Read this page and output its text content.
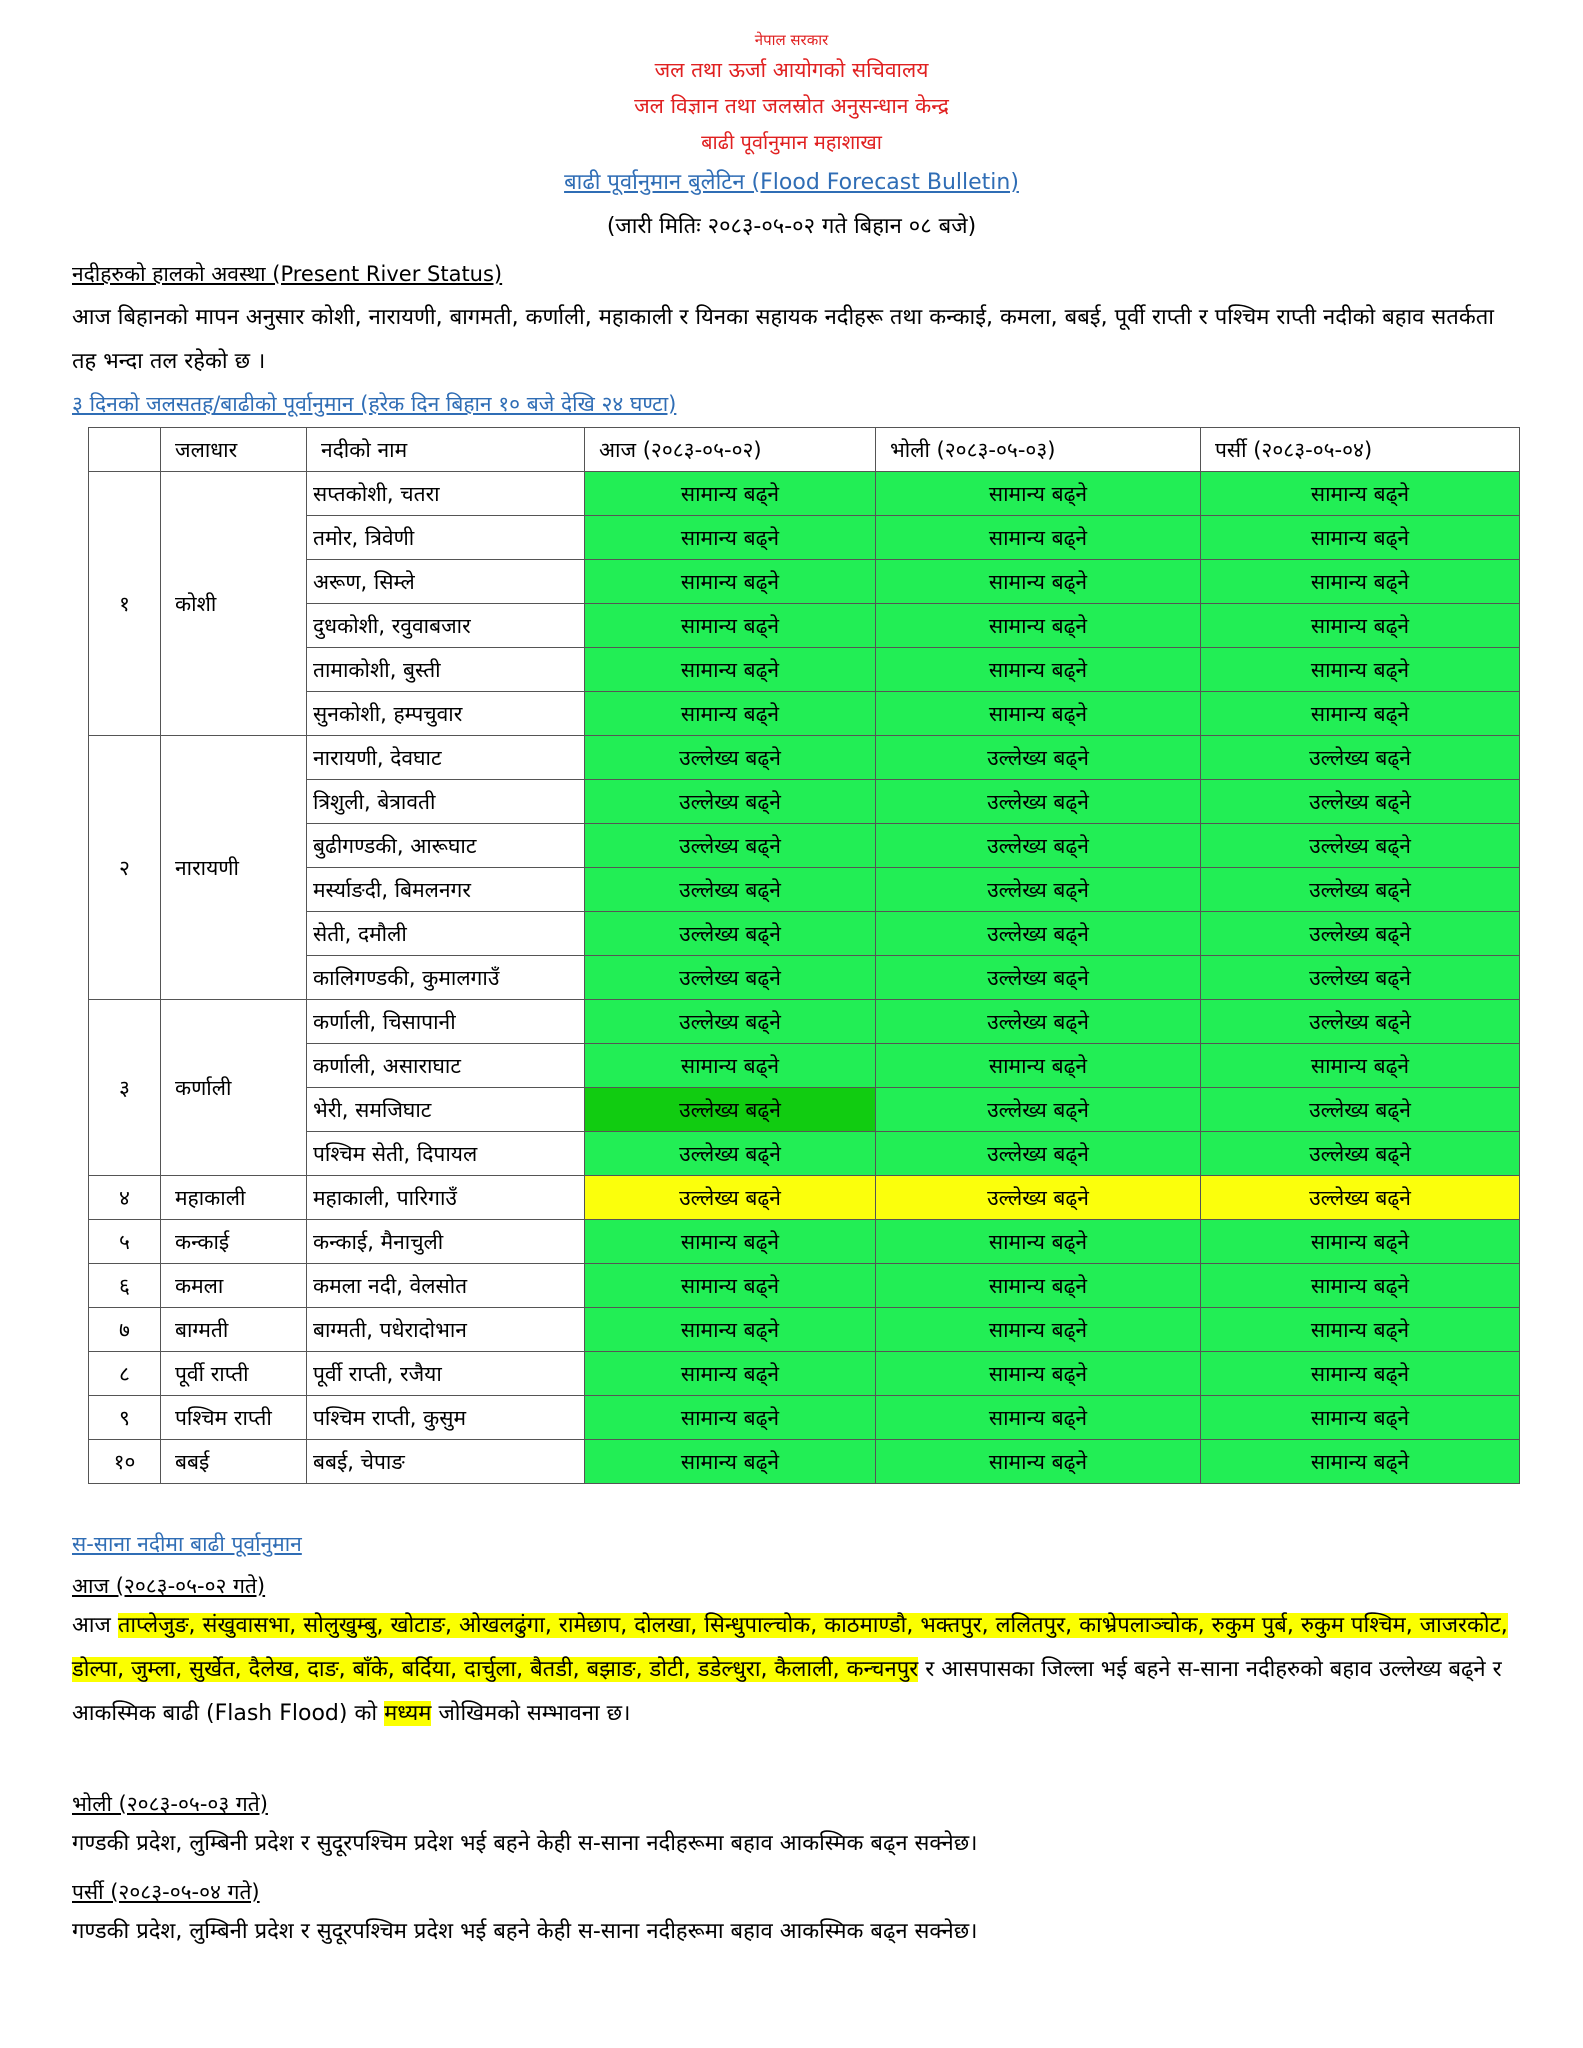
नेपाल सरकार
जल तथा ऊर्जा आयोगको सचिवालय
जल विज्ञान तथा जलस्रोत अनुसन्धान केन्द्र
बाढी पूर्वानुमान महाशाखा
बाढी पूर्वानुमान बुलेटिन (Flood Forecast Bulletin)
(जारी मितिः २०८३-०५-०२ गते बिहान ०८ बजे)
नदीहरुको हालको अवस्था (Present River Status)
आज बिहानको मापन अनुसार कोशी, नारायणी, बागमती, कर्णाली, महाकाली र यिनका सहायक नदीहरू तथा कन्काई, कमला, बबई, पूर्वी राप्ती र पश्चिम राप्ती नदीको बहाव सतर्कता तह भन्दा तल रहेको छ ।
३ दिनको जलसतह/बाढीको पूर्वानुमान (हरेक दिन बिहान १० बजे देखि २४ घण्टा)
	जलाधार	नदीको नाम	आज (२०८३-०५-०२)	भोली (२०८३-०५-०३)	पर्सी (२०८३-०५-०४)
१	कोशी	सप्तकोशी, चतरा	सामान्य बढ्ने	सामान्य बढ्ने	सामान्य बढ्ने
		तमोर, त्रिवेणी	सामान्य बढ्ने	सामान्य बढ्ने	सामान्य बढ्ने
		अरूण, सिम्ले	सामान्य बढ्ने	सामान्य बढ्ने	सामान्य बढ्ने
		दुधकोशी, रवुवाबजार	सामान्य बढ्ने	सामान्य बढ्ने	सामान्य बढ्ने
		तामाकोशी, बुस्ती	सामान्य बढ्ने	सामान्य बढ्ने	सामान्य बढ्ने
		सुनकोशी, हम्पचुवार	सामान्य बढ्ने	सामान्य बढ्ने	सामान्य बढ्ने
२	नारायणी	नारायणी, देवघाट	उल्लेख्य बढ्ने	उल्लेख्य बढ्ने	उल्लेख्य बढ्ने
		त्रिशुली, बेत्रावती	उल्लेख्य बढ्ने	उल्लेख्य बढ्ने	उल्लेख्य बढ्ने
		बुढीगण्डकी, आरूघाट	उल्लेख्य बढ्ने	उल्लेख्य बढ्ने	उल्लेख्य बढ्ने
		मर्स्याङदी, बिमलनगर	उल्लेख्य बढ्ने	उल्लेख्य बढ्ने	उल्लेख्य बढ्ने
		सेती, दमौली	उल्लेख्य बढ्ने	उल्लेख्य बढ्ने	उल्लेख्य बढ्ने
		कालिगण्डकी, कुमालगाउँ	उल्लेख्य बढ्ने	उल्लेख्य बढ्ने	उल्लेख्य बढ्ने
३	कर्णाली	कर्णाली, चिसापानी	उल्लेख्य बढ्ने	उल्लेख्य बढ्ने	उल्लेख्य बढ्ने
		कर्णाली, असाराघाट	सामान्य बढ्ने	सामान्य बढ्ने	सामान्य बढ्ने
		भेरी, समजिघाट	उल्लेख्य बढ्ने	उल्लेख्य बढ्ने	उल्लेख्य बढ्ने
		पश्चिम सेती, दिपायल	उल्लेख्य बढ्ने	उल्लेख्य बढ्ने	उल्लेख्य बढ्ने
४	महाकाली	महाकाली, पारिगाउँ	उल्लेख्य बढ्ने	उल्लेख्य बढ्ने	उल्लेख्य बढ्ने
५	कन्काई	कन्काई, मैनाचुली	सामान्य बढ्ने	सामान्य बढ्ने	सामान्य बढ्ने
६	कमला	कमला नदी, वेलसोत	सामान्य बढ्ने	सामान्य बढ्ने	सामान्य बढ्ने
७	बाग्मती	बाग्मती, पधेरादोभान	सामान्य बढ्ने	सामान्य बढ्ने	सामान्य बढ्ने
८	पूर्वी राप्ती	पूर्वी राप्ती, रजैया	सामान्य बढ्ने	सामान्य बढ्ने	सामान्य बढ्ने
९	पश्चिम राप्ती	पश्चिम राप्ती, कुसुम	सामान्य बढ्ने	सामान्य बढ्ने	सामान्य बढ्ने
१०	बबई	बबई, चेपाङ	सामान्य बढ्ने	सामान्य बढ्ने	सामान्य बढ्ने
स-साना नदीमा बाढी पूर्वानुमान
आज (२०८३-०५-०२ गते)
आज ताप्लेजुङ, संखुवासभा, सोलुखुम्बु, खोटाङ, ओखलढुंगा, रामेछाप, दोलखा, सिन्धुपाल्चोक, काठमाण्डौ, भक्तपुर, ललितपुर, काभ्रेपलाञ्चोक, रुकुम पुर्ब, रुकुम पश्चिम, जाजरकोट, डोल्पा, जुम्ला, सुर्खेत, दैलेख, दाङ, बाँके, बर्दिया, दार्चुला, बैतडी, बझाङ, डोटी, डडेल्धुरा, कैलाली, कन्चनपुर र आसपासका जिल्ला भई बहने स-साना नदीहरुको बहाव उल्लेख्य बढ्ने र आकस्मिक बाढी (Flash Flood) को मध्यम जोखिमको सम्भावना छ।
भोली (२०८३-०५-०३ गते)
गण्डकी प्रदेश, लुम्बिनी प्रदेश र सुदूरपश्चिम प्रदेश भई बहने केही स-साना नदीहरूमा बहाव आकस्मिक बढ्न सक्नेछ।
पर्सी (२०८३-०५-०४ गते)
गण्डकी प्रदेश, लुम्बिनी प्रदेश र सुदूरपश्चिम प्रदेश भई बहने केही स-साना नदीहरूमा बहाव आकस्मिक बढ्न सक्नेछ।
